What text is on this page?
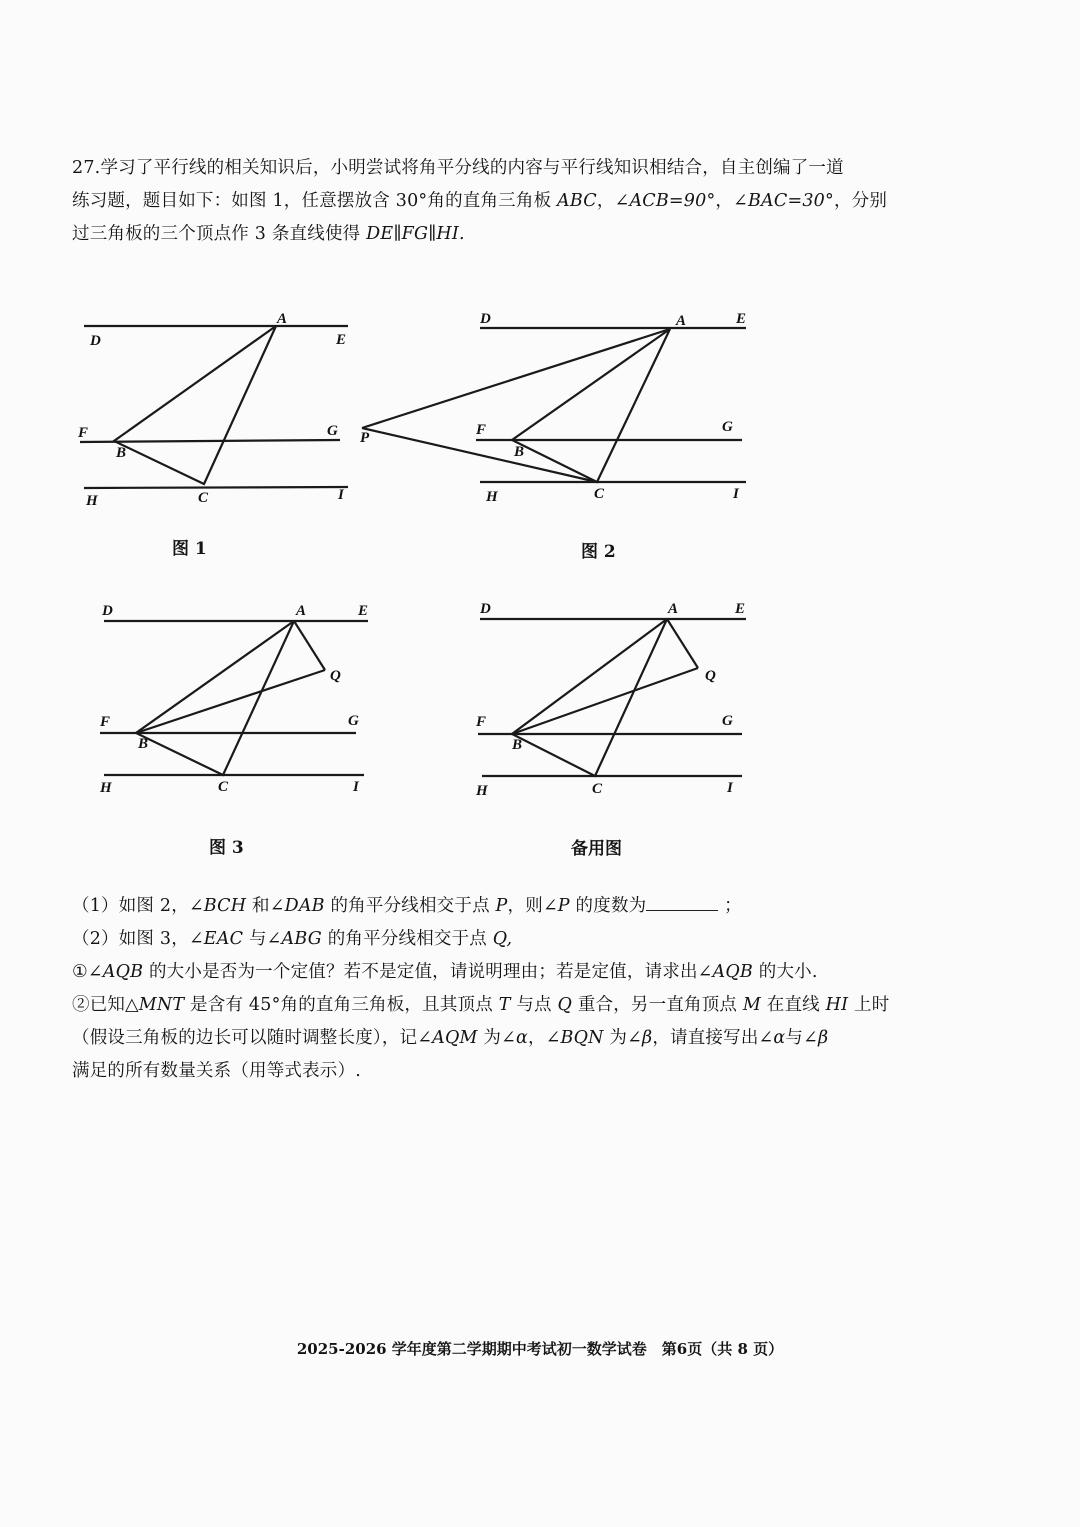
27.学习了平行线的相关知识后，小明尝试将角平分线的内容与平行线知识相结合，自主创编了一道
练习题，题目如下：如图 1，任意摆放含 30°角的直角三角板 ABC，∠ACB=90°，∠BAC=30°，分别
过三角板的三个顶点作 3 条直线使得 DE∥FG∥HI.

A
D	E
F	G
B
H	C	I
图 1
A
D	E
F	G
B
H	C	I
P
图 2
A
D	E
Q
F	G
B
H	C	I
图 3
A
D	E
Q
F	G
B
H	C	I
备用图

（1）如图 2，∠BCH 和∠DAB 的角平分线相交于点 P，则∠P 的度数为	；

（2）如图 3，∠EAC 与∠ABG 的角平分线相交于点 Q,

①∠AQB 的大小是否为一个定值？若不是定值，请说明理由；若是定值，请求出∠AQB 的大小.

②已知△MNT 是含有 45°角的直角三角板，且其顶点 T 与点 Q 重合，另一直角顶点 M 在直线 HI 上时

（假设三角板的边长可以随时调整长度），记∠AQM 为∠α，∠BQN 为∠β，请直接写出∠α与∠β

满足的所有数量关系（用等式表示）.

2025-2026 学年度第二学期期中考试初一数学试卷　第6页（共 8 页）
